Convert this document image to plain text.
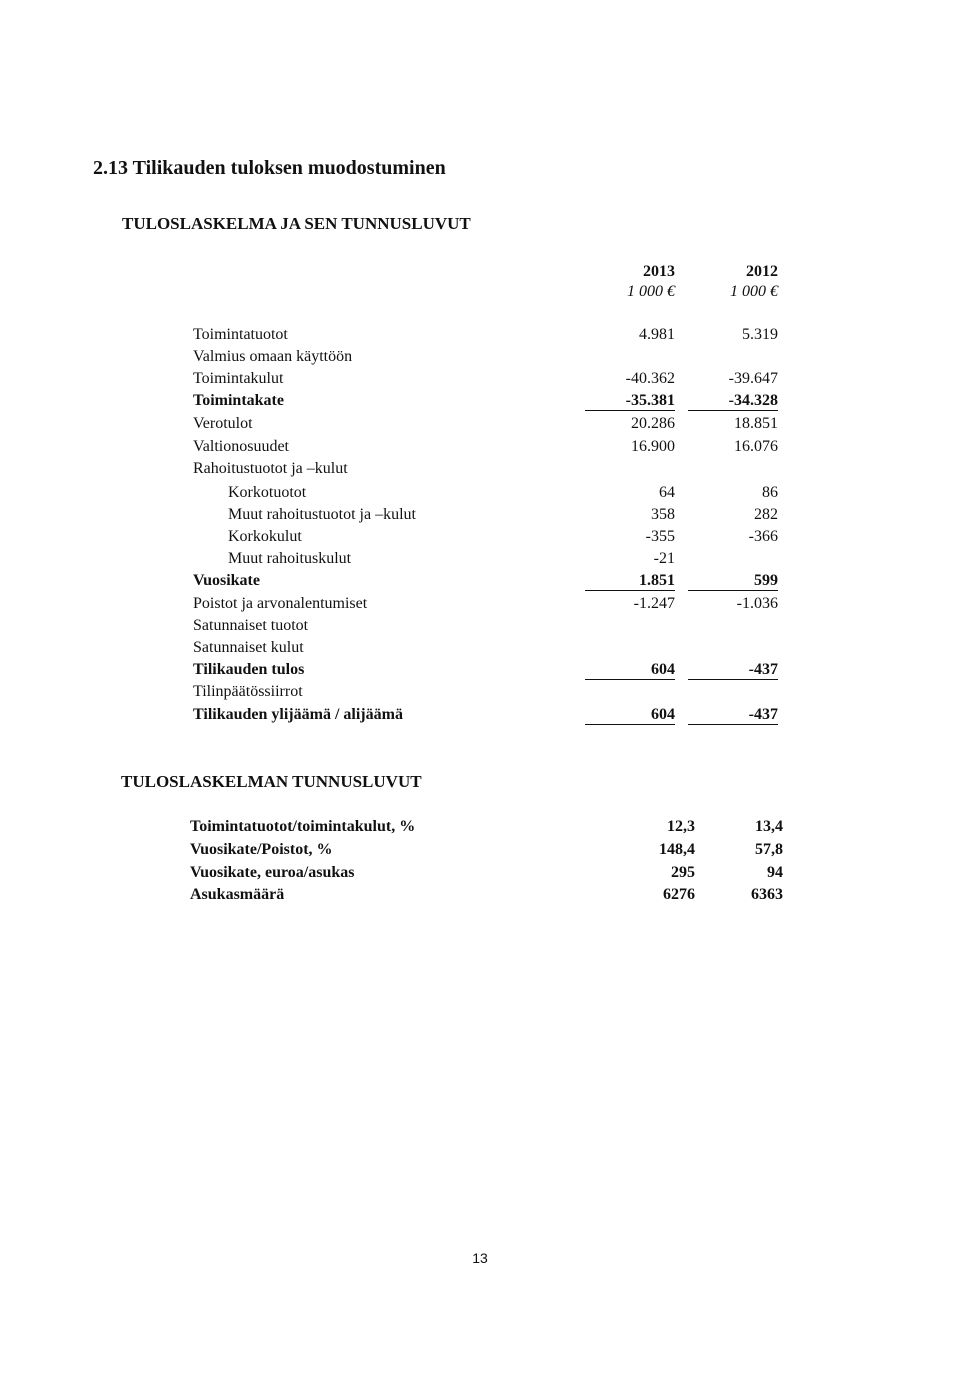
2.13 Tilikauden tuloksen muodostuminen
TULOSLASKELMA JA SEN TUNNUSLUVUT
2013	2012
1 000 €	1 000 €
Toimintatuotot	4.981	5.319
Valmius omaan käyttöön
Toimintakulut	-40.362	-39.647
Toimintakate	-35.381	-34.328
Verotulot	20.286	18.851
Valtionosuudet	16.900	16.076
Rahoitustuotot ja –kulut
Korkotuotot	64	86
Muut rahoitustuotot ja –kulut	358	282
Korkokulut	-355	-366
Muut rahoituskulut	-21
Vuosikate	1.851	599
Poistot ja arvonalentumiset	-1.247	-1.036
Satunnaiset tuotot
Satunnaiset kulut
Tilikauden tulos	604	-437
Tilinpäätössiirrot
Tilikauden ylijäämä / alijäämä	604	-437
TULOSLASKELMAN TUNNUSLUVUT
Toimintatuotot/toimintakulut, %	12,3	13,4
Vuosikate/Poistot, %	148,4	57,8
Vuosikate, euroa/asukas	295	94
Asukasmäärä	6276	6363
13
